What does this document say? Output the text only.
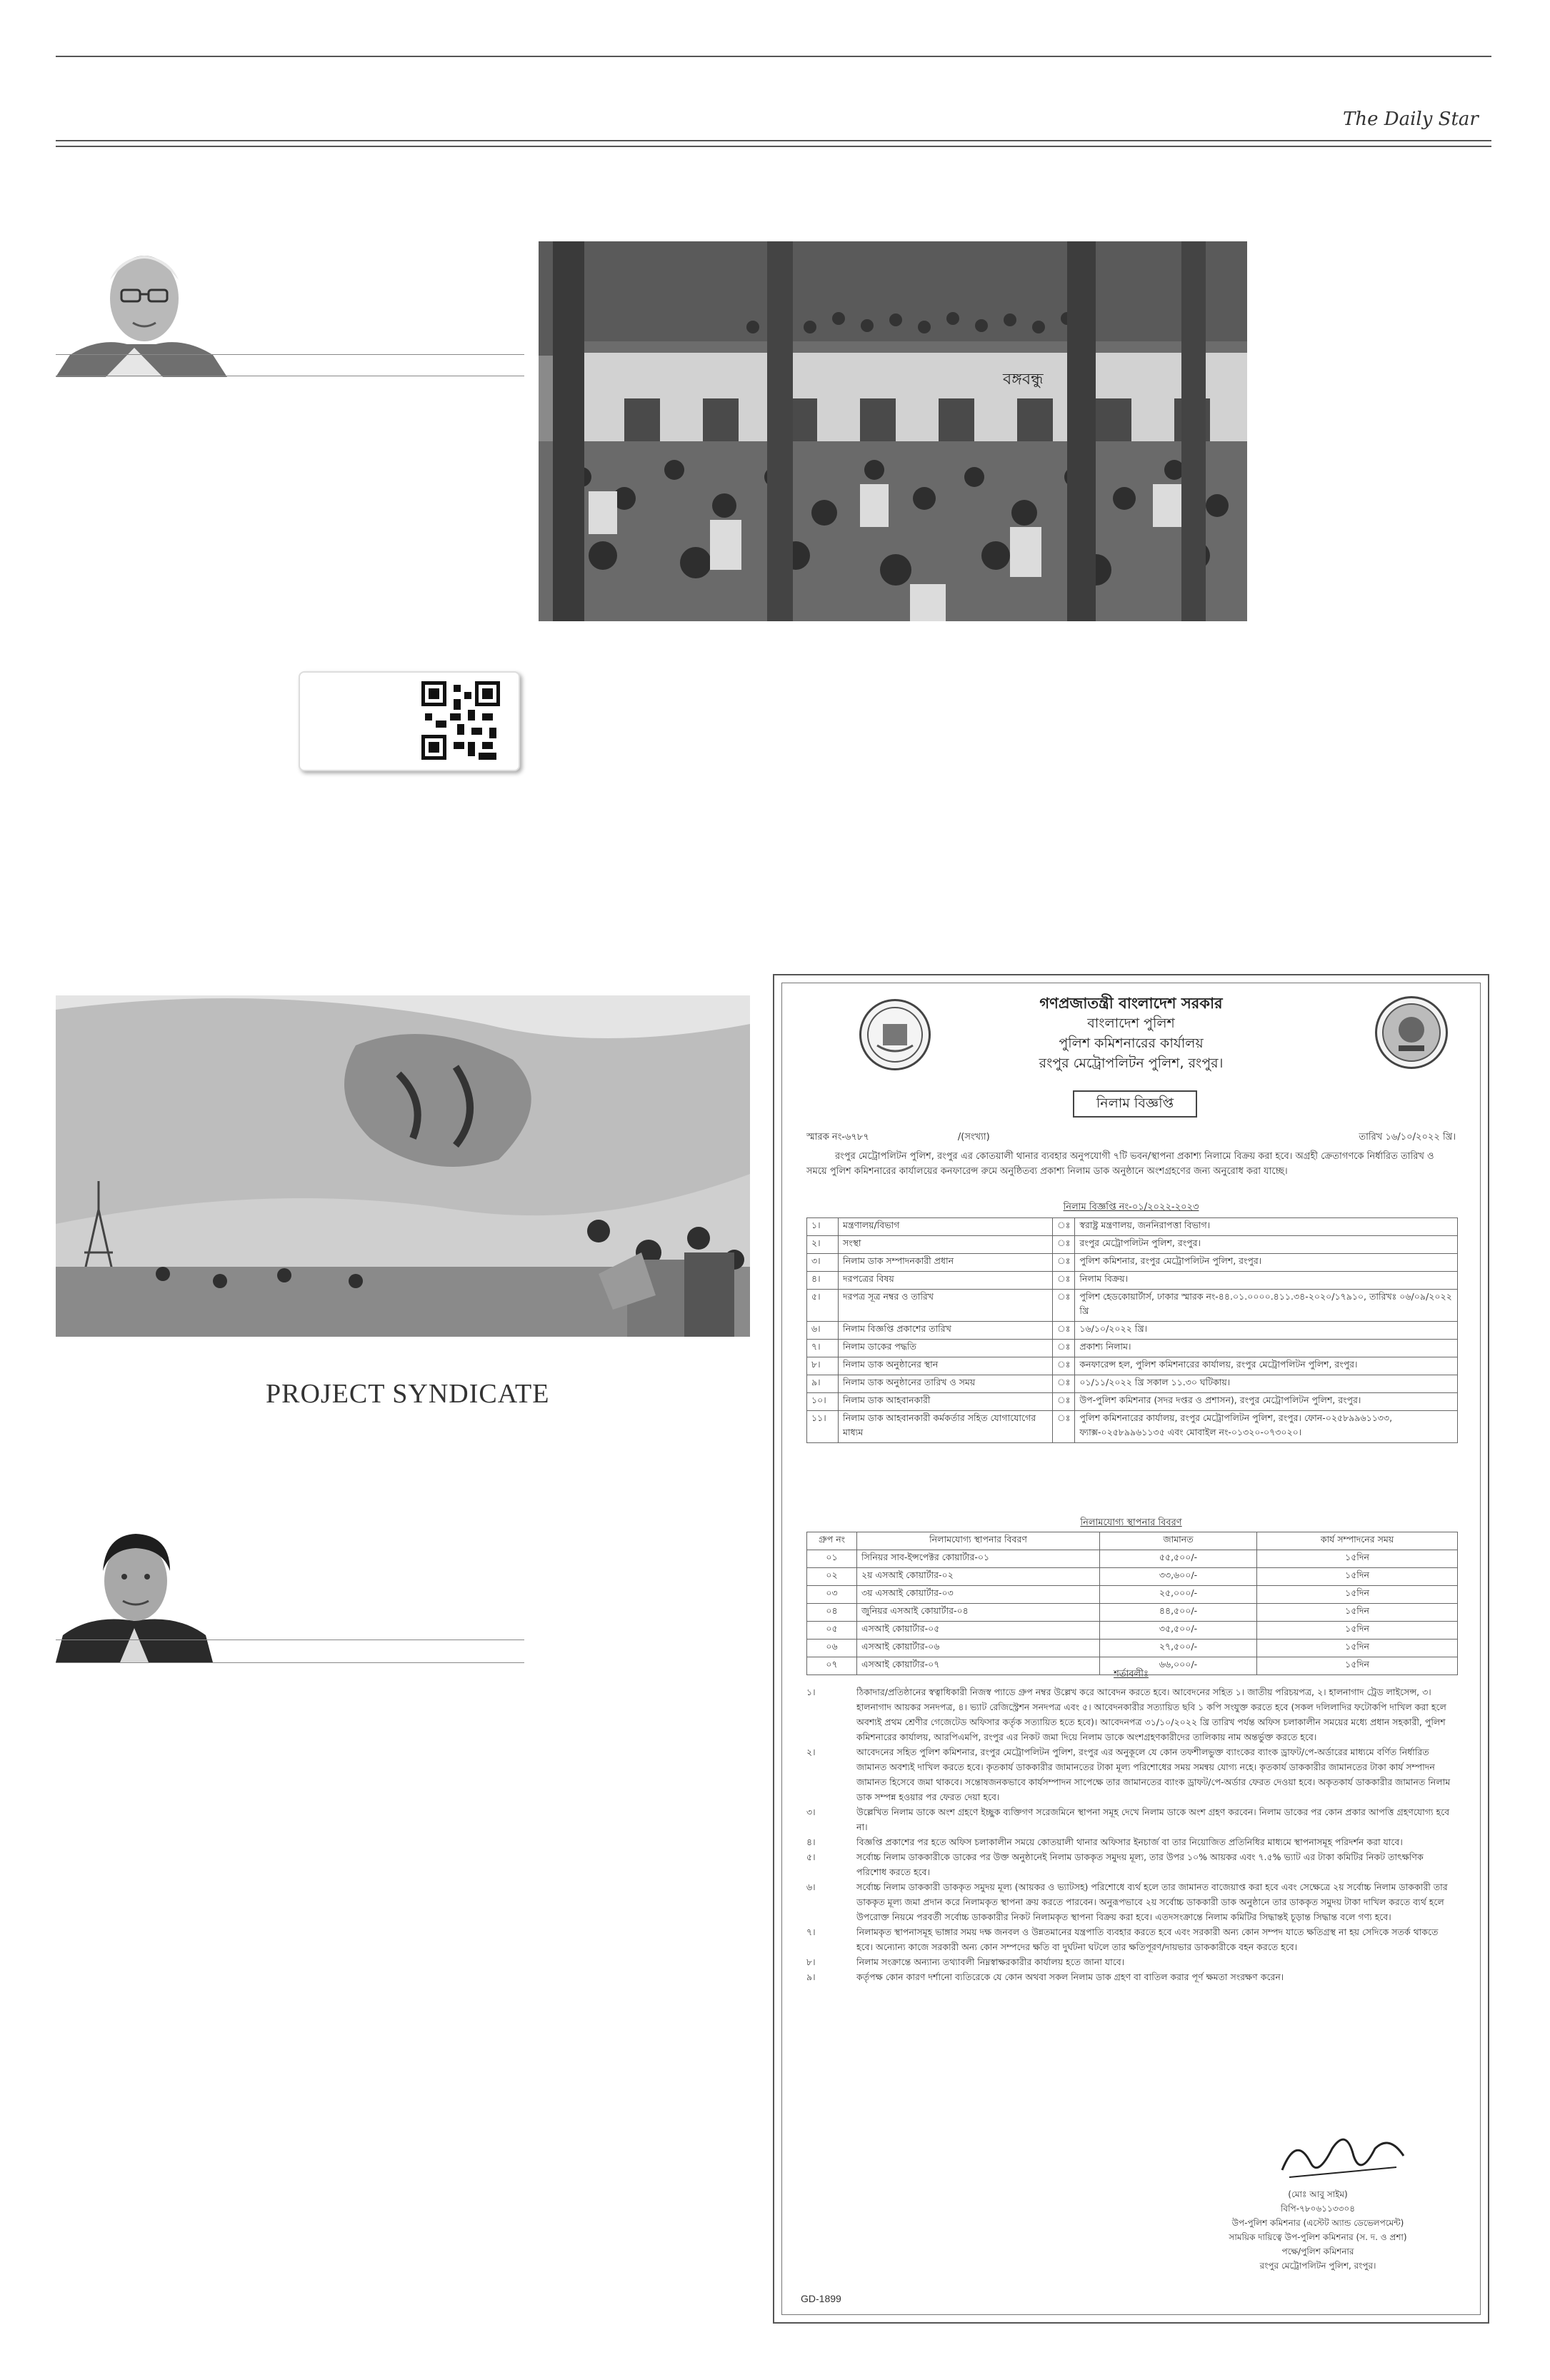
The Daily Star
বঙ্গবন্ধু
PROJECT SYNDICATE
গণপ্রজাতন্ত্রী বাংলাদেশ সরকার
বাংলাদেশ পুলিশ
পুলিশ কমিশনারের কার্যালয়
রংপুর মেট্রোপলিটন পুলিশ, রংপুর।
নিলাম বিজ্ঞপ্তি
স্মারক নং-৬৭৮৭	/(সংখ্যা)	তারিখ ১৬/১০/২০২২ খ্রি।
রংপুর মেট্রোপলিটন পুলিশ, রংপুর এর কোতয়ালী থানার ব্যবহার অনুপযোগী ৭টি ভবন/স্থাপনা প্রকাশ্য নিলামে বিক্রয় করা হবে। অগ্রহী ক্রেতাগণকে নির্ধারিত তারিখ ও সময়ে পুলিশ কমিশনারের কার্যালয়ের কনফারেন্স রুমে অনুষ্ঠিতব্য প্রকাশ্য নিলাম ডাক অনুষ্ঠানে অংশগ্রহণের জন্য অনুরোধ করা যাচ্ছে।
নিলাম বিজ্ঞপ্তি নং-০১/২০২২-২০২৩
১।	মন্ত্রণালয়/বিভাগ	ঃ	স্বরাষ্ট্র মন্ত্রণালয়, জননিরাপত্তা বিভাগ।
২।	সংস্থা	ঃ	রংপুর মেট্রোপলিটন পুলিশ, রংপুর।
৩।	নিলাম ডাক সম্পাদনকারী প্রধান	ঃ	পুলিশ কমিশনার, রংপুর মেট্রোপলিটন পুলিশ, রংপুর।
৪।	দরপত্রের বিষয়	ঃ	নিলাম বিক্রয়।
৫।	দরপত্র সূত্র নম্বর ও তারিখ	ঃ	পুলিশ হেডকোয়ার্টার্স, ঢাকার স্মারক নং-৪৪.০১.০০০০.৪১১.৩৪-২০২০/১৭৯১০, তারিখঃ ০৬/০৯/২০২২ খ্রি
৬।	নিলাম বিজ্ঞপ্তি প্রকাশের তারিখ	ঃ	১৬/১০/২০২২ খ্রি।
৭।	নিলাম ডাকের পদ্ধতি	ঃ	প্রকাশ্য নিলাম।
৮।	নিলাম ডাক অনুষ্ঠানের স্থান	ঃ	কনফারেন্স হল, পুলিশ কমিশনারের কার্যালয়, রংপুর মেট্রোপলিটন পুলিশ, রংপুর।
৯।	নিলাম ডাক অনুষ্ঠানের তারিখ ও সময়	ঃ	০১/১১/২০২২ খ্রি সকাল ১১.৩০ ঘটিকায়।
১০।	নিলাম ডাক আহবানকারী	ঃ	উপ-পুলিশ কমিশনার (সদর দপ্তর ও প্রশাসন), রংপুর মেট্রোপলিটন পুলিশ, রংপুর।
১১।	নিলাম ডাক আহবানকারী কর্মকর্তার সহিত যোগাযোগের মাধ্যম	ঃ	পুলিশ কমিশনারের কার্যালয়, রংপুর মেট্রোপলিটন পুলিশ, রংপুর। ফোন-০২৫৮৯৯৬১১৩৩, ফ্যাক্স-০২৫৮৯৯৬১১৩৫ এবং মোবাইল নং-০১৩২০-০৭৩০২০।
নিলামযোগ্য স্থাপনার বিবরণ
গ্রুপ নং	নিলামযোগ্য স্থাপনার বিবরণ	জামানত	কার্য সম্পাদনের সময়
০১	সিনিয়র সাব-ইন্সপেক্টর কোয়ার্টার-০১	৫৫,৫০০/-	১৫দিন
০২	২য় এসআই কোয়ার্টার-০২	৩৩,৬০০/-	১৫দিন
০৩	৩য় এসআই কোয়ার্টার-০৩	২৫,০০০/-	১৫দিন
০৪	জুনিয়র এসআই কোয়ার্টার-০৪	৪৪,৫০০/-	১৫দিন
০৫	এসআই কোয়ার্টার-০৫	৩৫,৫০০/-	১৫দিন
০৬	এসআই কোয়ার্টার-০৬	২৭,৫০০/-	১৫দিন
০৭	এসআই কোয়ার্টার-০৭	৬৬,০০০/-	১৫দিন
শর্তাবলীঃ
১।	ঠিকাদার/প্রতিষ্ঠানের স্বত্বাধিকারী নিজস্ব প্যাডে গ্রুপ নম্বর উল্লেখ করে আবেদন করতে হবে। আবেদনের সহিত ১। জাতীয় পরিচয়পত্র, ২। হালনাগাদ ট্রেড লাইসেন্স, ৩। হালনাগাদ আয়কর সনদপত্র, ৪। ভ্যাট রেজিস্ট্রেশন সনদপত্র এবং ৫। আবেদনকারীর সত্যায়িত ছবি ১ কপি সংযুক্ত করতে হবে (সকল দলিলাদির ফটোকপি দাখিল করা হলে অবশ্যই প্রথম শ্রেণীর গেজেটেড অফিসার কর্তৃক সত্যায়িত হতে হবে)। আবেদনপত্র ৩১/১০/২০২২ খ্রি তারিখ পর্যন্ত অফিস চলাকালীন সময়ের মধ্যে প্রধান সহকারী, পুলিশ কমিশনারের কার্যালয়, আরপিএমপি, রংপুর এর নিকট জমা দিয়ে নিলাম ডাকে অংশগ্রহণকারীদের তালিকায় নাম অন্তর্ভুক্ত করতে হবে।
২।	আবেদনের সহিত পুলিশ কমিশনার, রংপুর মেট্রোপলিটন পুলিশ, রংপুর এর অনুকূলে যে কোন তফশীলভুক্ত ব্যাংকের ব্যাংক ড্রাফট/পে-অর্ডারের মাধ্যমে বর্ণিত নির্ধারিত জামানত অবশ্যই দাখিল করতে হবে। কৃতকার্য ডাককারীর জামানতের টাকা মূল্য পরিশোধের সময় সমন্বয় যোগ্য নহে। কৃতকার্য ডাককারীর জামানতের টাকা কার্য সম্পাদন জামানত হিসেবে জমা থাকবে। সন্তোষজনকভাবে কার্যসম্পাদন সাপেক্ষে তার জামানতের ব্যাংক ড্রাফট/পে-অর্ডার ফেরত দেওয়া হবে। অকৃতকার্য ডাককারীর জামানত নিলাম ডাক সম্পন্ন হওয়ার পর ফেরত দেয়া হবে।
৩।	উল্লেখিত নিলাম ডাকে অংশ গ্রহণে ইচ্ছুক ব্যক্তিগণ সরেজমিনে স্থাপনা সমূহ দেখে নিলাম ডাকে অংশ গ্রহণ করবেন। নিলাম ডাকের পর কোন প্রকার আপত্তি গ্রহণযোগ্য হবে না।
৪।	বিজ্ঞপ্তি প্রকাশের পর হতে অফিস চলাকালীন সময়ে কোতয়ালী থানার অফিসার ইনচার্জ বা তার নিয়োজিত প্রতিনিধির মাধ্যমে স্থাপনাসমূহ পরিদর্শন করা যাবে।
৫।	সর্বোচ্চ নিলাম ডাককারীকে ডাকের পর উক্ত অনুষ্ঠানেই নিলাম ডাককৃত সমুদয় মূল্য, তার উপর ১০% আয়কর এবং ৭.৫% ভ্যাট এর টাকা কমিটির নিকট তাৎক্ষণিক পরিশোধ করতে হবে।
৬।	সর্বোচ্চ নিলাম ডাককারী ডাককৃত সমুদয় মূল্য (আয়কর ও ভ্যাটসহ) পরিশোধে ব্যর্থ হলে তার জামানত বাজেয়াপ্ত করা হবে এবং সেক্ষেত্রে ২য় সর্বোচ্চ নিলাম ডাককারী তার ডাককৃত মূল্য জমা প্রদান করে নিলামকৃত স্থাপনা ক্রয় করতে পারবেন। অনুরূপভাবে ২য় সর্বোচ্চ ডাককারী ডাক অনুষ্ঠানে তার ডাককৃত সমুদয় টাকা দাখিল করতে ব্যর্থ হলে উপরোক্ত নিয়মে পরবর্তী সর্বোচ্চ ডাককারীর নিকট নিলামকৃত স্থাপনা বিক্রয় করা হবে। এতদসংক্রান্তে নিলাম কমিটির সিদ্ধান্তই চূড়ান্ত সিদ্ধান্ত বলে গণ্য হবে।
৭।	নিলামকৃত স্থাপনাসমূহ ভাঙ্গার সময় দক্ষ জনবল ও উন্নতমানের যন্ত্রপাতি ব্যবহার করতে হবে এবং সরকারী অন্য কোন সম্পদ যাতে ক্ষতিগ্রস্থ না হয় সেদিকে সতর্ক থাকতে হবে। অন্যোন্য কাজে সরকারী অন্য কোন সম্পদের ক্ষতি বা দুর্ঘটনা ঘটলে তার ক্ষতিপূরণ/দায়ভার ডাককারীকে বহন করতে হবে।
৮।	নিলাম সংক্রান্তে অন্যান্য তথ্যাবলী নিম্নস্বাক্ষরকারীর কার্যালয় হতে জানা যাবে।
৯।	কর্তৃপক্ষ কোন কারণ দর্শানো ব্যতিরেকে যে কোন অথবা সকল নিলাম ডাক গ্রহণ বা বাতিল করার পূর্ণ ক্ষমতা সংরক্ষণ করেন।
(মোঃ আবু সাইম)
বিপি-৭৮০৬১১৩৩০৪
উপ-পুলিশ কমিশনার (এস্টেট অ্যান্ড ডেভেলপমেন্ট)
সাময়িক দায়িত্বে উপ-পুলিশ কমিশনার (স. দ. ও প্রশা)
পক্ষে/পুলিশ কমিশনার
রংপুর মেট্রোপলিটন পুলিশ, রংপুর।
GD-1899
